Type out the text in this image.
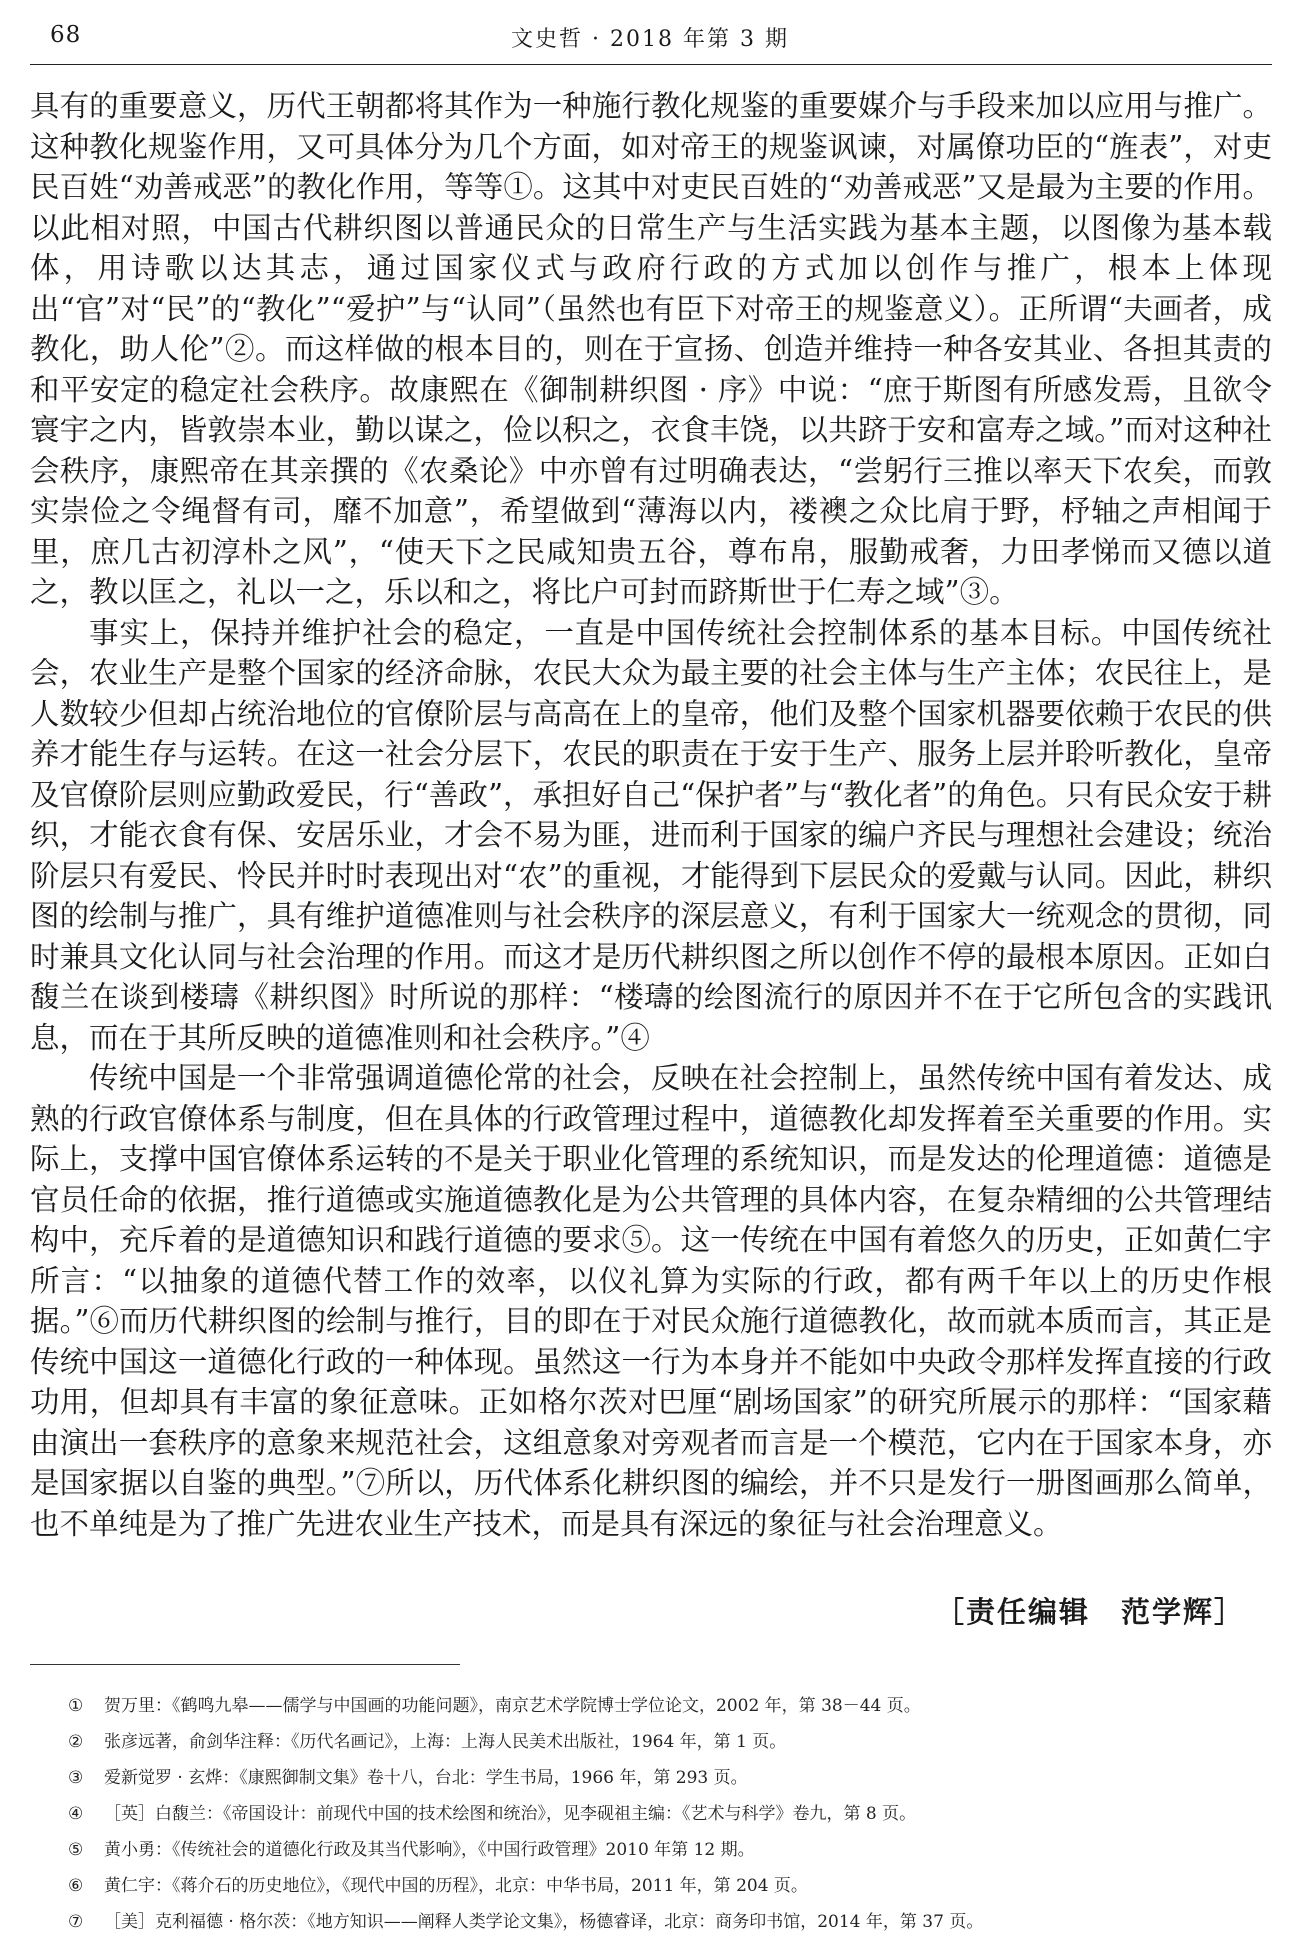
68	文史哲 · 2018 年第 3 期

具有的重要意义，历代王朝都将其作为一种施行教化规鉴的重要媒介与手段来加以应用与推广。这种教化规鉴作用，又可具体分为几个方面，如对帝王的规鉴讽谏，对属僚功臣的“旌表”，对吏民百姓“劝善戒恶”的教化作用，等等①。这其中对吏民百姓的“劝善戒恶”又是最为主要的作用。以此相对照，中国古代耕织图以普通民众的日常生产与生活实践为基本主题，以图像为基本载体，用诗歌以达其志，通过国家仪式与政府行政的方式加以创作与推广，根本上体现出“官”对“民”的“教化”“爱护”与“认同”（虽然也有臣下对帝王的规鉴意义）。正所谓“夫画者，成教化，助人伦”②。而这样做的根本目的，则在于宣扬、创造并维持一种各安其业、各担其责的和平安定的稳定社会秩序。故康熙在《御制耕织图 · 序》中说：“庶于斯图有所感发焉，且欲令寰宇之内，皆敦崇本业，勤以谋之，俭以积之，衣食丰饶，以共跻于安和富寿之域。”而对这种社会秩序，康熙帝在其亲撰的《农桑论》中亦曾有过明确表达，“尝躬行三推以率天下农矣，而敦实崇俭之令绳督有司，靡不加意”，希望做到“薄海以内，褛襖之众比肩于野，杼轴之声相闻于里，庶几古初淳朴之风”，“使天下之民咸知贵五谷，尊布帛，服勤戒奢，力田孝悌而又德以道之，教以匡之，礼以一之，乐以和之，将比户可封而跻斯世于仁寿之域”③。

事实上，保持并维护社会的稳定，一直是中国传统社会控制体系的基本目标。中国传统社会，农业生产是整个国家的经济命脉，农民大众为最主要的社会主体与生产主体；农民往上，是人数较少但却占统治地位的官僚阶层与高高在上的皇帝，他们及整个国家机器要依赖于农民的供养才能生存与运转。在这一社会分层下，农民的职责在于安于生产、服务上层并聆听教化，皇帝及官僚阶层则应勤政爱民，行“善政”，承担好自己“保护者”与“教化者”的角色。只有民众安于耕织，才能衣食有保、安居乐业，才会不易为匪，进而利于国家的编户齐民与理想社会建设；统治阶层只有爱民、怜民并时时表现出对“农”的重视，才能得到下层民众的爱戴与认同。因此，耕织图的绘制与推广，具有维护道德准则与社会秩序的深层意义，有利于国家大一统观念的贯彻，同时兼具文化认同与社会治理的作用。而这才是历代耕织图之所以创作不停的最根本原因。正如白馥兰在谈到楼璹《耕织图》时所说的那样：“楼璹的绘图流行的原因并不在于它所包含的实践讯息，而在于其所反映的道德准则和社会秩序。”④

传统中国是一个非常强调道德伦常的社会，反映在社会控制上，虽然传统中国有着发达、成熟的行政官僚体系与制度，但在具体的行政管理过程中，道德教化却发挥着至关重要的作用。实际上，支撑中国官僚体系运转的不是关于职业化管理的系统知识，而是发达的伦理道德：道德是官员任命的依据，推行道德或实施道德教化是为公共管理的具体内容，在复杂精细的公共管理结构中，充斥着的是道德知识和践行道德的要求⑤。这一传统在中国有着悠久的历史，正如黄仁宇所言：“以抽象的道德代替工作的效率，以仪礼算为实际的行政，都有两千年以上的历史作根据。”⑥而历代耕织图的绘制与推行，目的即在于对民众施行道德教化，故而就本质而言，其正是传统中国这一道德化行政的一种体现。虽然这一行为本身并不能如中央政令那样发挥直接的行政功用，但却具有丰富的象征意味。正如格尔茨对巴厘“剧场国家”的研究所展示的那样：“国家藉由演出一套秩序的意象来规范社会，这组意象对旁观者而言是一个模范，它内在于国家本身，亦是国家据以自鉴的典型。”⑦所以，历代体系化耕织图的编绘，并不只是发行一册图画那么简单，也不单纯是为了推广先进农业生产技术，而是具有深远的象征与社会治理意义。

［责任编辑　范学辉］
① 贺万里：《鹤鸣九皋——儒学与中国画的功能问题》，南京艺术学院博士学位论文，2002 年，第 38－44 页。
② 张彦远著，俞剑华注释：《历代名画记》，上海：上海人民美术出版社，1964 年，第 1 页。
③ 爱新觉罗 · 玄烨：《康熙御制文集》卷十八，台北：学生书局，1966 年，第 293 页。
④ ［英］白馥兰：《帝国设计：前现代中国的技术绘图和统治》，见李砚祖主编：《艺术与科学》卷九，第 8 页。
⑤ 黄小勇：《传统社会的道德化行政及其当代影响》，《中国行政管理》2010 年第 12 期。
⑥ 黄仁宇：《蒋介石的历史地位》，《现代中国的历程》，北京：中华书局，2011 年，第 204 页。
⑦ ［美］克利福德 · 格尔茨：《地方知识——阐释人类学论文集》，杨德睿译，北京：商务印书馆，2014 年，第 37 页。
